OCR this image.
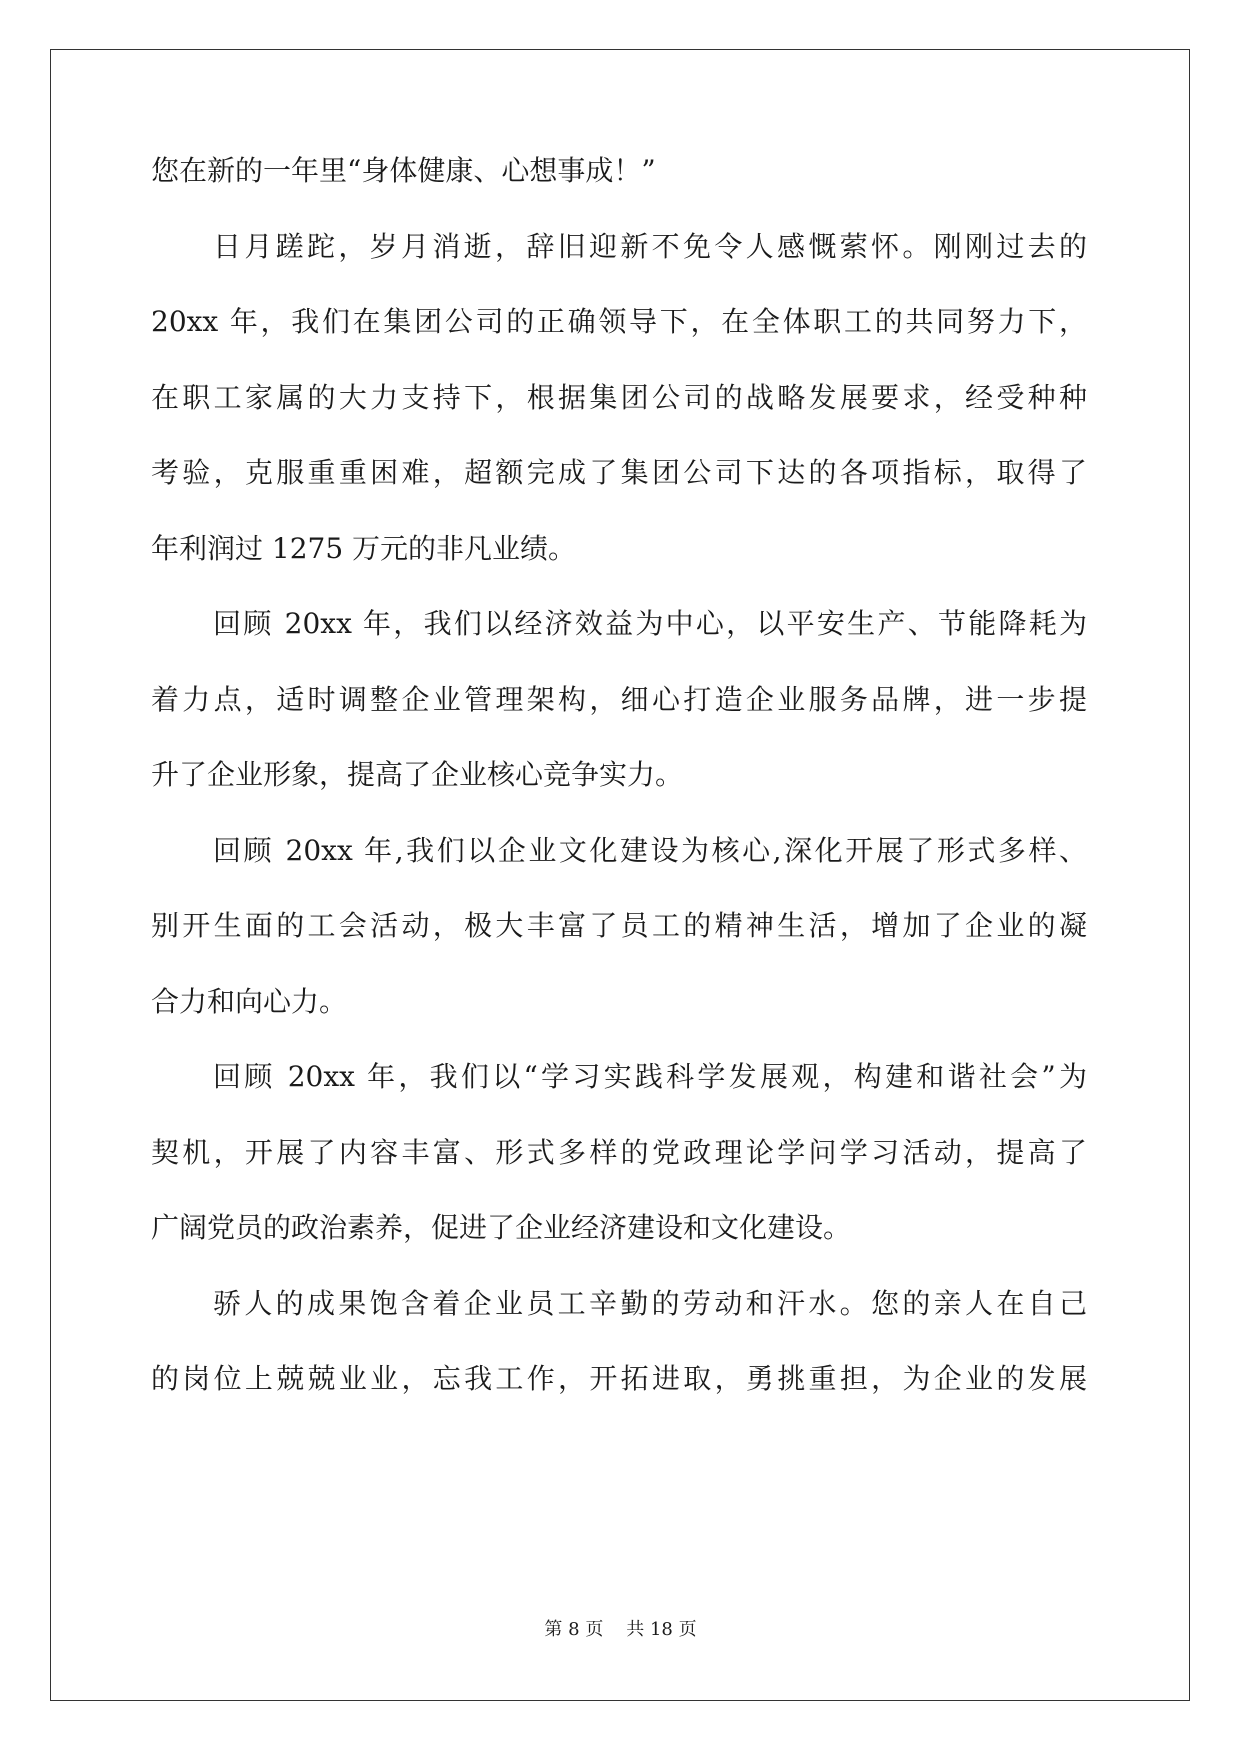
您在新的一年里“身体健康、心想事成！”
日月蹉跎，岁月消逝，辞旧迎新不免令人感慨萦怀。刚刚过去的
20xx 年，我们在集团公司的正确领导下，在全体职工的共同努力下，
在职工家属的大力支持下，根据集团公司的战略发展要求，经受种种
考验，克服重重困难，超额完成了集团公司下达的各项指标，取得了
年利润过 1275 万元的非凡业绩。
回顾 20xx 年，我们以经济效益为中心，以平安生产、节能降耗为
着力点，适时调整企业管理架构，细心打造企业服务品牌，进一步提
升了企业形象，提高了企业核心竞争实力。
回顾 20xx 年,我们以企业文化建设为核心,深化开展了形式多样、
别开生面的工会活动，极大丰富了员工的精神生活，增加了企业的凝
合力和向心力。
回顾 20xx 年，我们以“学习实践科学发展观，构建和谐社会”为
契机，开展了内容丰富、形式多样的党政理论学问学习活动，提高了
广阔党员的政治素养，促进了企业经济建设和文化建设。
骄人的成果饱含着企业员工辛勤的劳动和汗水。您的亲人在自己
的岗位上兢兢业业，忘我工作，开拓进取，勇挑重担，为企业的发展
第 8 页 共 18 页
